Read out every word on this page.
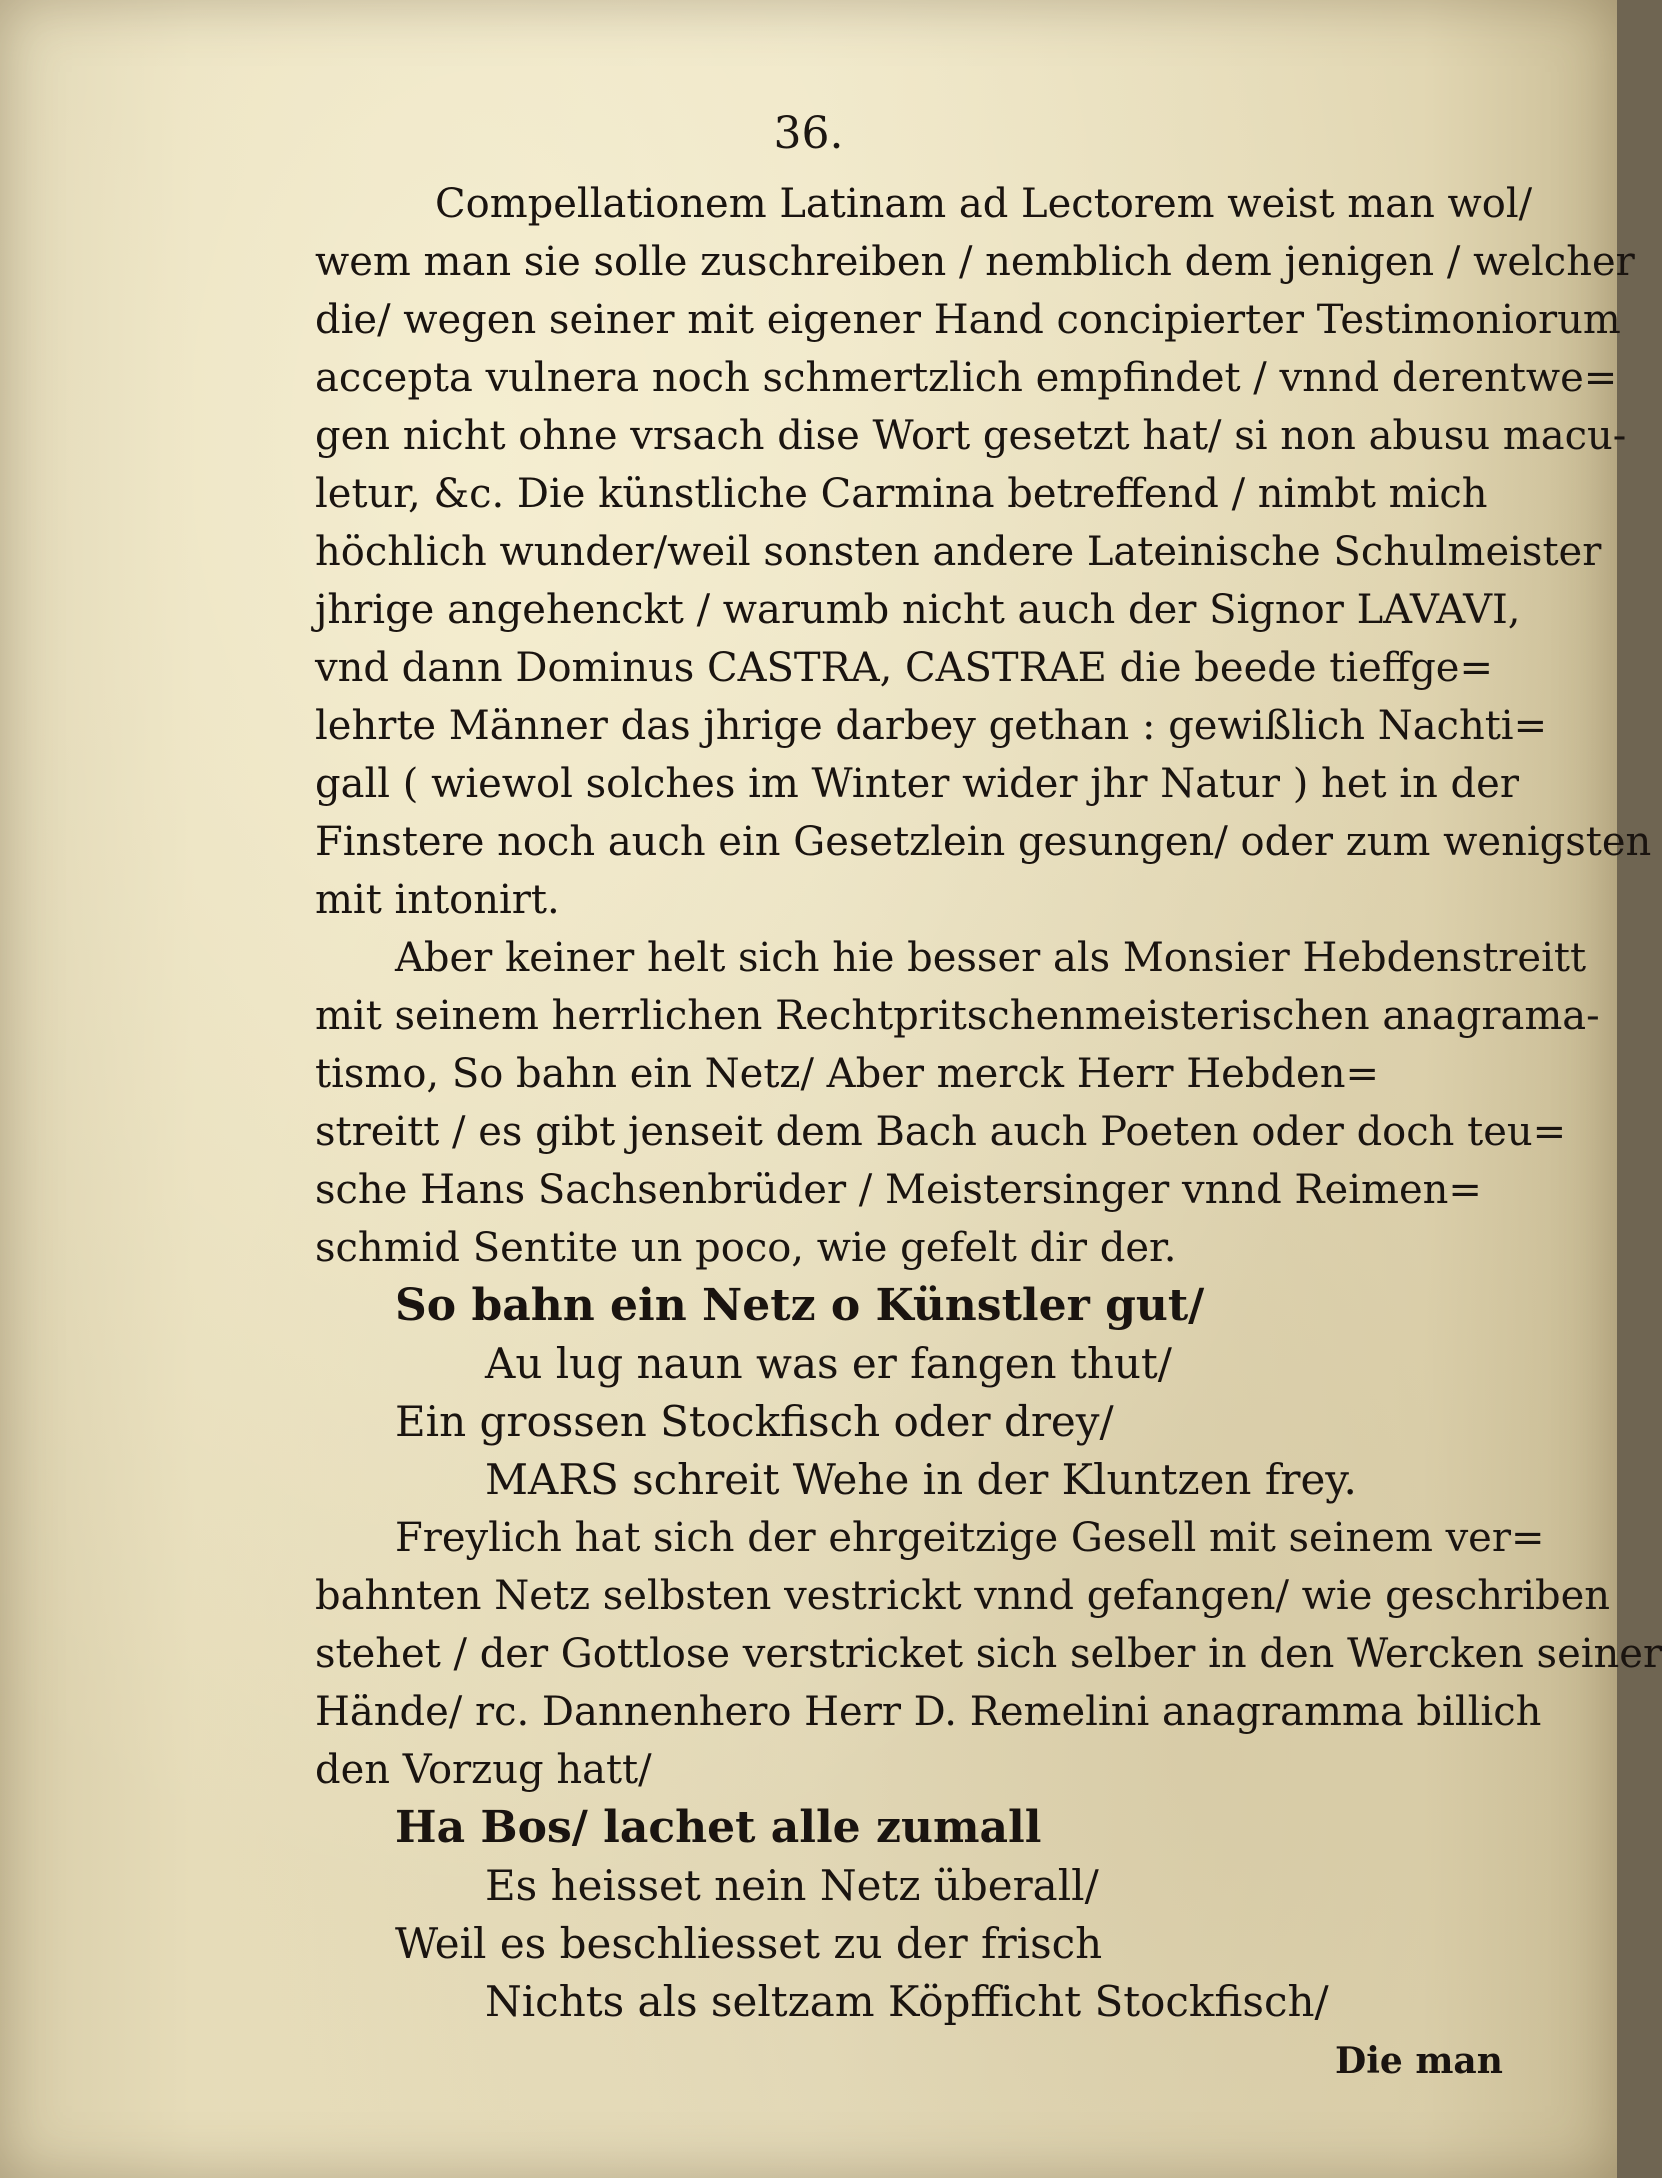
36.
Compellationem Latinam ad Lectorem weist man wol/
wem man sie solle zuschreiben / nemblich dem jenigen / welcher
die/ wegen seiner mit eigener Hand concipierter Testimoniorum
accepta vulnera noch schmertzlich empfindet / vnnd derentwe=
gen nicht ohne vrsach dise Wort gesetzt hat/ si non abusu macu-
letur, &c. Die künstliche Carmina betreffend / nimbt mich
höchlich wunder/weil sonsten andere Lateinische Schulmeister
jhrige angehenckt / warumb nicht auch der Signor LAVAVI,
vnd dann Dominus CASTRA, CASTRAE die beede tieffge=
lehrte Männer das jhrige darbey gethan : gewißlich Nachti=
gall ( wiewol solches im Winter wider jhr Natur ) het in der
Finstere noch auch ein Gesetzlein gesungen/ oder zum wenigsten
mit intonirt.
Aber keiner helt sich hie besser als Monsier Hebdenstreitt
mit seinem herrlichen Rechtpritschenmeisterischen anagrama-
tismo, So bahn ein Netz/ Aber merck Herr Hebden=
streitt / es gibt jenseit dem Bach auch Poeten oder doch teu=
sche Hans Sachsenbrüder / Meistersinger vnnd Reimen=
schmid Sentite un poco, wie gefelt dir der.
So bahn ein Netz o Künstler gut/
Au lug naun was er fangen thut/
Ein grossen Stockfisch oder drey/
MARS schreit Wehe in der Kluntzen frey.
Freylich hat sich der ehrgeitzige Gesell mit seinem ver=
bahnten Netz selbsten vestrickt vnnd gefangen/ wie geschriben
stehet / der Gottlose verstricket sich selber in den Wercken seiner
Hände/ rc. Dannenhero Herr D. Remelini anagramma billich
den Vorzug hatt/
Ha Bos/ lachet alle zumall
Es heisset nein Netz überall/
Weil es beschliesset zu der frisch
Nichts als seltzam Köpfficht Stockfisch/
Die man
